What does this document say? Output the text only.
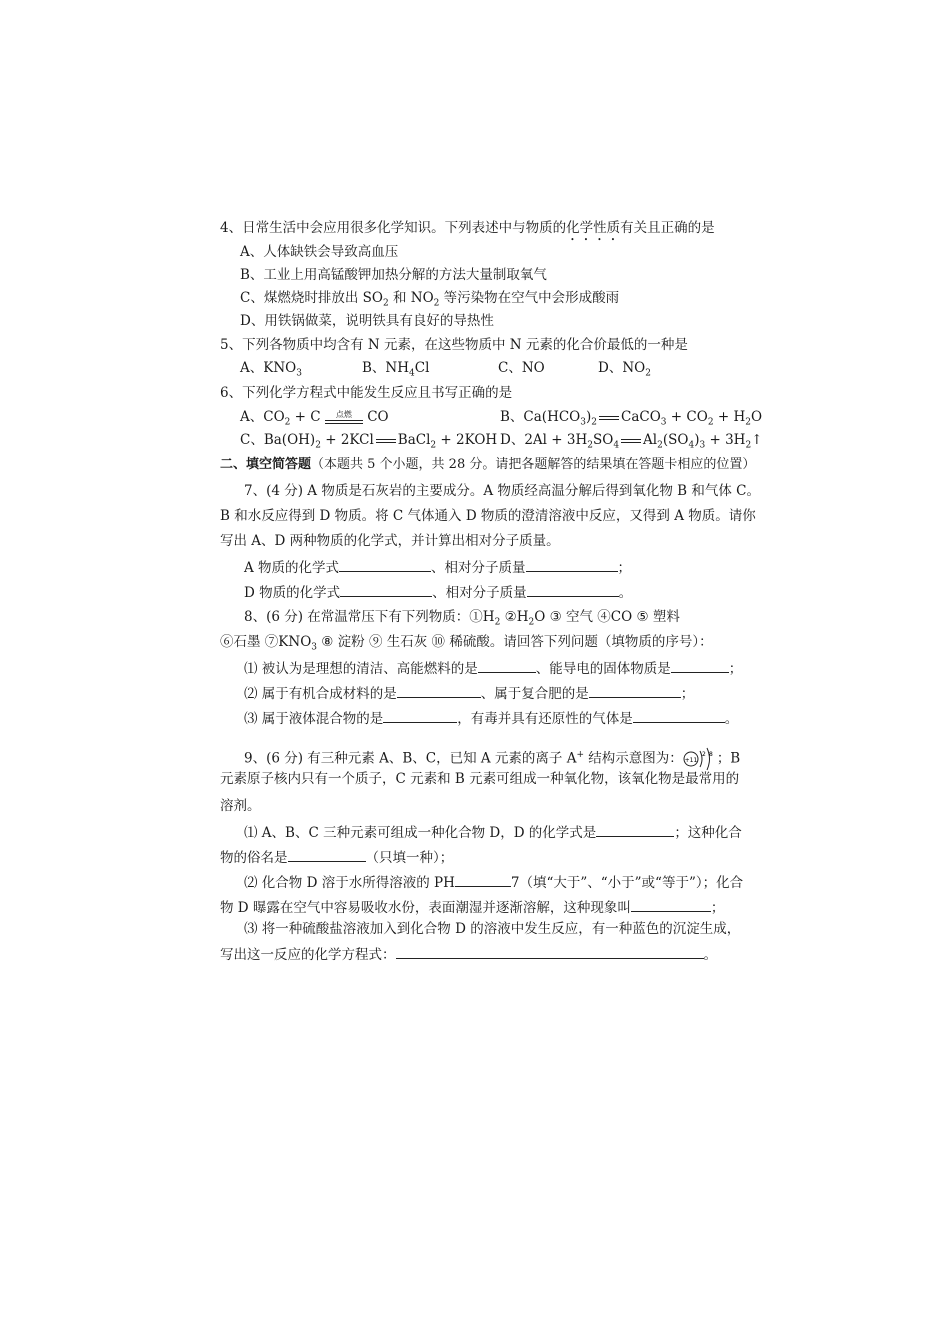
4、日常生活中会应用很多化学知识。下列表述中与物质的化学性质有关且正确的是
A、人体缺铁会导致高血压
B、工业上用高锰酸钾加热分解的方法大量制取氧气
C、煤燃烧时排放出 $SO_2$ 和 $NO_2$ 等污染物在空气中会形成酸雨
D、用铁锅做菜，说明铁具有良好的导热性
5、下列各物质中均含有 N 元素，在这些物质中 N 元素的化合价最低的一种是
A、$KNO_3$	B、$NH_4Cl$	C、NO	D、$NO_2$
6、下列化学方程式中能发生反应且书写正确的是
A、$CO_2 + C$	点燃 CO	B、$Ca(HCO_3)_2$ CaCO$_3$ + $CO_2 + H_2O$
C、$Ba(OH)_2 + 2KCl$ BaCl$_2$ + 2KOH D、$2Al + 3H_2SO_4$ $Al_2(SO_4)_3$ + $3H_2↑$
二、填空简答题（本题共 5 个小题，共 28 分。请把各题解答的结果填在答题卡相应的位置）
7、(4 分) A 物质是石灰岩的主要成分。A 物质经高温分解后得到氧化物 B 和气体 C。
B 和水反应得到 D 物质。将 C 气体通入 D 物质的澄清溶液中反应，又得到 A 物质。请你
写出 A、D 两种物质的化学式，并计算出相对分子质量。
A 物质的化学式	、相对分子质量	；
D 物质的化学式	、相对分子质量	。
8、(6 分) 在常温常压下有下列物质：$①H_2$ $②H_2O$ ③ 空气 ④CO ⑤ 塑料
⑥石墨 $⑦KNO_3$ ⑧ 淀粉 ⑨ 生石灰 ⑩ 稀硫酸。请回答下列问题（填物质的序号）：
⑴ 被认为是理想的清洁、高能燃料的是	、能导电的固体物质是	；
⑵ 属于有机合成材料的是	、属于复合肥的是	；
⑶ 属于液体混合物的是	，有毒并具有还原性的气体是	。
9、(6 分) 有三种元素 A、B、C，已知 A 元素的离子 A+ 结构示意图为： +11
2 8 ；B
元素原子核内只有一个质子，C 元素和 B 元素可组成一种氧化物，该氧化物是最常用的
溶剂。
⑴ A、B、C 三种元素可组成一种化合物 D，D 的化学式是	；这种化合
物的俗名是	（只填一种）；
⑵ 化合物 D 溶于水所得溶液的 PH	7（填“大于”、“小于”或“等于”）；化合
物 D 曝露在空气中容易吸收水份，表面潮湿并逐渐溶解，这种现象叫	；
⑶ 将一种硫酸盐溶液加入到化合物 D 的溶液中发生反应，有一种蓝色的沉淀生成，
写出这一反应的化学方程式：	。
